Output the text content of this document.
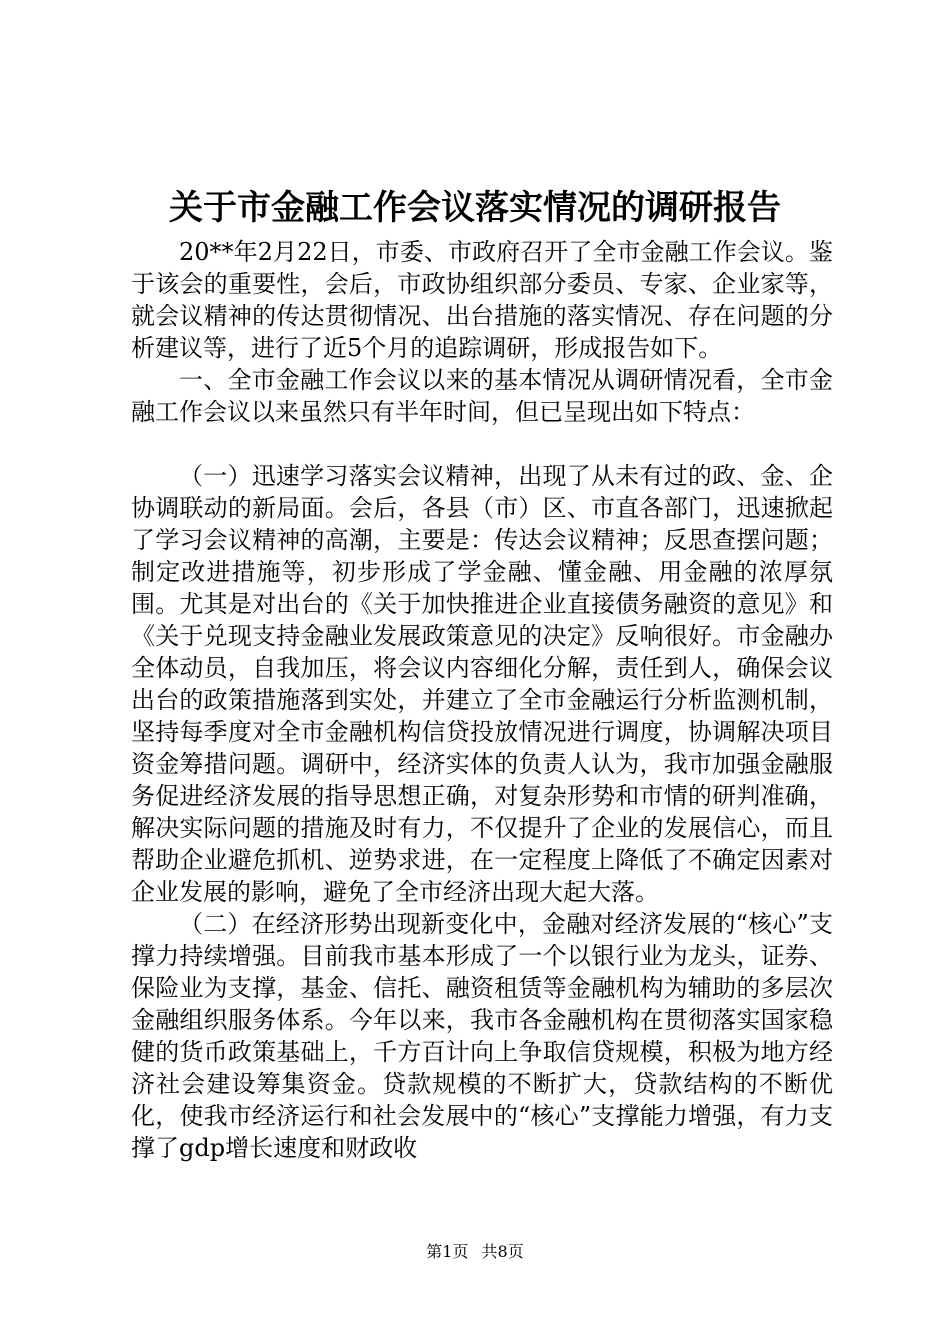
关于市金融工作会议落实情况的调研报告

20**年2月22日，市委、市政府召开了全市金融工作会议。鉴于该会的重要性，会后，市政协组织部分委员、专家、企业家等，就会议精神的传达贯彻情况、出台措施的落实情况、存在问题的分析建议等，进行了近5个月的追踪调研，形成报告如下。

一、全市金融工作会议以来的基本情况从调研情况看，全市金融工作会议以来虽然只有半年时间，但已呈现出如下特点：

（一）迅速学习落实会议精神，出现了从未有过的政、金、企协调联动的新局面。会后，各县（市）区、市直各部门，迅速掀起了学习会议精神的高潮，主要是：传达会议精神；反思查摆问题；制定改进措施等，初步形成了学金融、懂金融、用金融的浓厚氛围。尤其是对出台的《关于加快推进企业直接债务融资的意见》和《关于兑现支持金融业发展政策意见的决定》反响很好。市金融办全体动员，自我加压，将会议内容细化分解，责任到人，确保会议出台的政策措施落到实处，并建立了全市金融运行分析监测机制，坚持每季度对全市金融机构信贷投放情况进行调度，协调解决项目资金筹措问题。调研中，经济实体的负责人认为，我市加强金融服务促进经济发展的指导思想正确，对复杂形势和市情的研判准确，解决实际问题的措施及时有力，不仅提升了企业的发展信心，而且帮助企业避危抓机、逆势求进，在一定程度上降低了不确定因素对企业发展的影响，避免了全市经济出现大起大落。

（二）在经济形势出现新变化中，金融对经济发展的“核心”支撑力持续增强。目前我市基本形成了一个以银行业为龙头，证券、保险业为支撑，基金、信托、融资租赁等金融机构为辅助的多层次金融组织服务体系。今年以来，我市各金融机构在贯彻落实国家稳健的货币政策基础上，千方百计向上争取信贷规模，积极为地方经济社会建设筹集资金。贷款规模的不断扩大，贷款结构的不断优化，使我市经济运行和社会发展中的“核心”支撑能力增强，有力支撑了gdp增长速度和财政收

第1页 共8页
